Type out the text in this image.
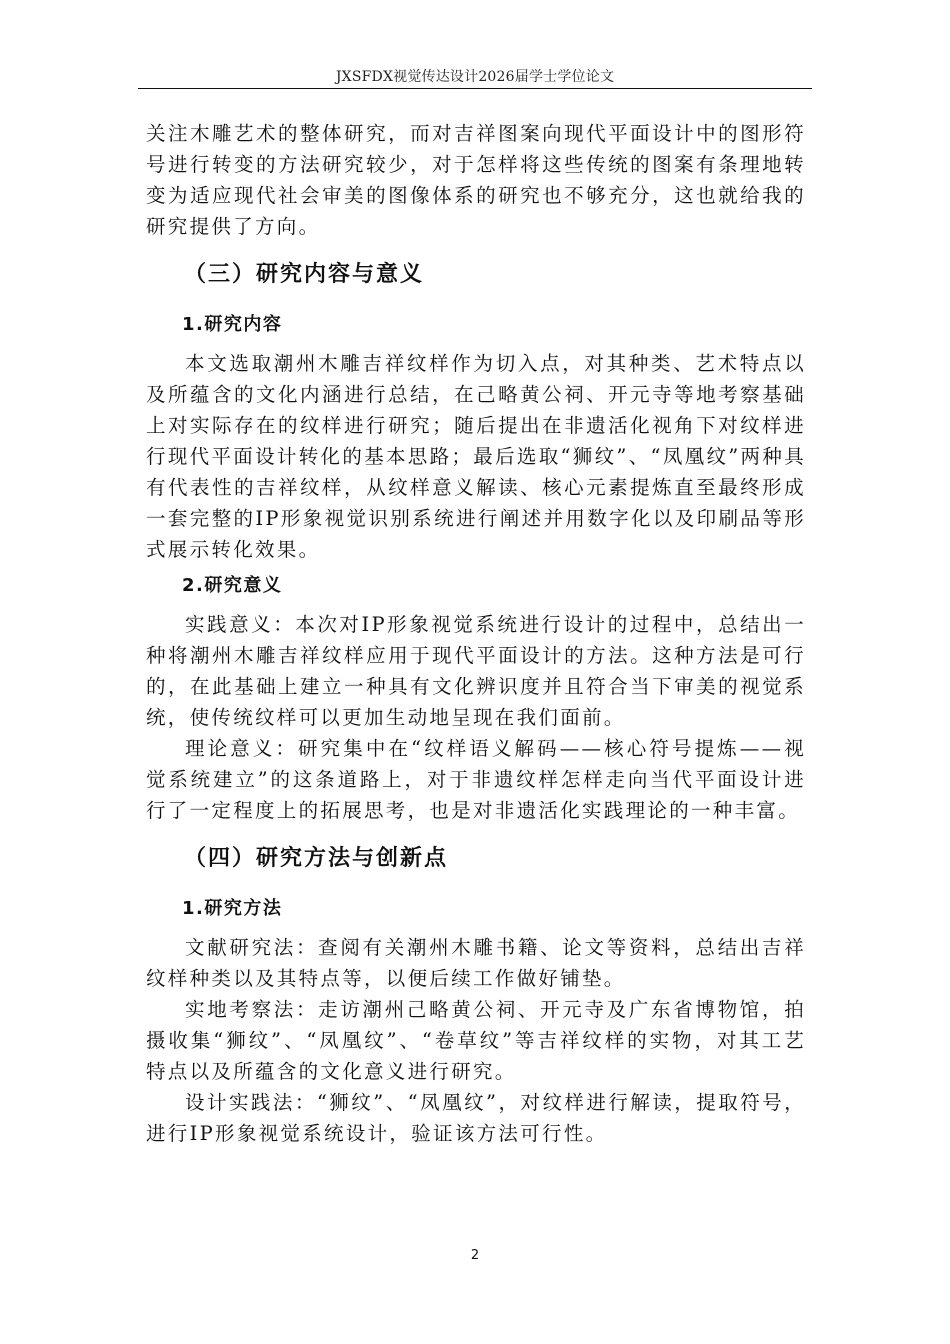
JXSFDX视觉传达设计2026届学士学位论文

关注木雕艺术的整体研究，而对吉祥图案向现代平面设计中的图形符号进行转变的方法研究较少，对于怎样将这些传统的图案有条理地转变为适应现代社会审美的图像体系的研究也不够充分，这也就给我的研究提供了方向。

（三）研究内容与意义
1.研究内容

本文选取潮州木雕吉祥纹样作为切入点，对其种类、艺术特点以及所蕴含的文化内涵进行总结，在己略黄公祠、开元寺等地考察基础上对实际存在的纹样进行研究；随后提出在非遗活化视角下对纹样进行现代平面设计转化的基本思路；最后选取“狮纹”、“凤凰纹”两种具有代表性的吉祥纹样，从纹样意义解读、核心元素提炼直至最终形成一套完整的IP形象视觉识别系统进行阐述并用数字化以及印刷品等形式展示转化效果。

2.研究意义

实践意义：本次对IP形象视觉系统进行设计的过程中，总结出一种将潮州木雕吉祥纹样应用于现代平面设计的方法。这种方法是可行的，在此基础上建立一种具有文化辨识度并且符合当下审美的视觉系统，使传统纹样可以更加生动地呈现在我们面前。

理论意义：研究集中在“纹样语义解码——核心符号提炼——视觉系统建立”的这条道路上，对于非遗纹样怎样走向当代平面设计进行了一定程度上的拓展思考，也是对非遗活化实践理论的一种丰富。

（四）研究方法与创新点
1.研究方法

文献研究法：查阅有关潮州木雕书籍、论文等资料，总结出吉祥纹样种类以及其特点等，以便后续工作做好铺垫。

实地考察法：走访潮州己略黄公祠、开元寺及广东省博物馆，拍摄收集“狮纹”、“凤凰纹”、“卷草纹”等吉祥纹样的实物，对其工艺特点以及所蕴含的文化意义进行研究。

设计实践法：“狮纹”、“凤凰纹”，对纹样进行解读，提取符号，进行IP形象视觉系统设计，验证该方法可行性。

2
